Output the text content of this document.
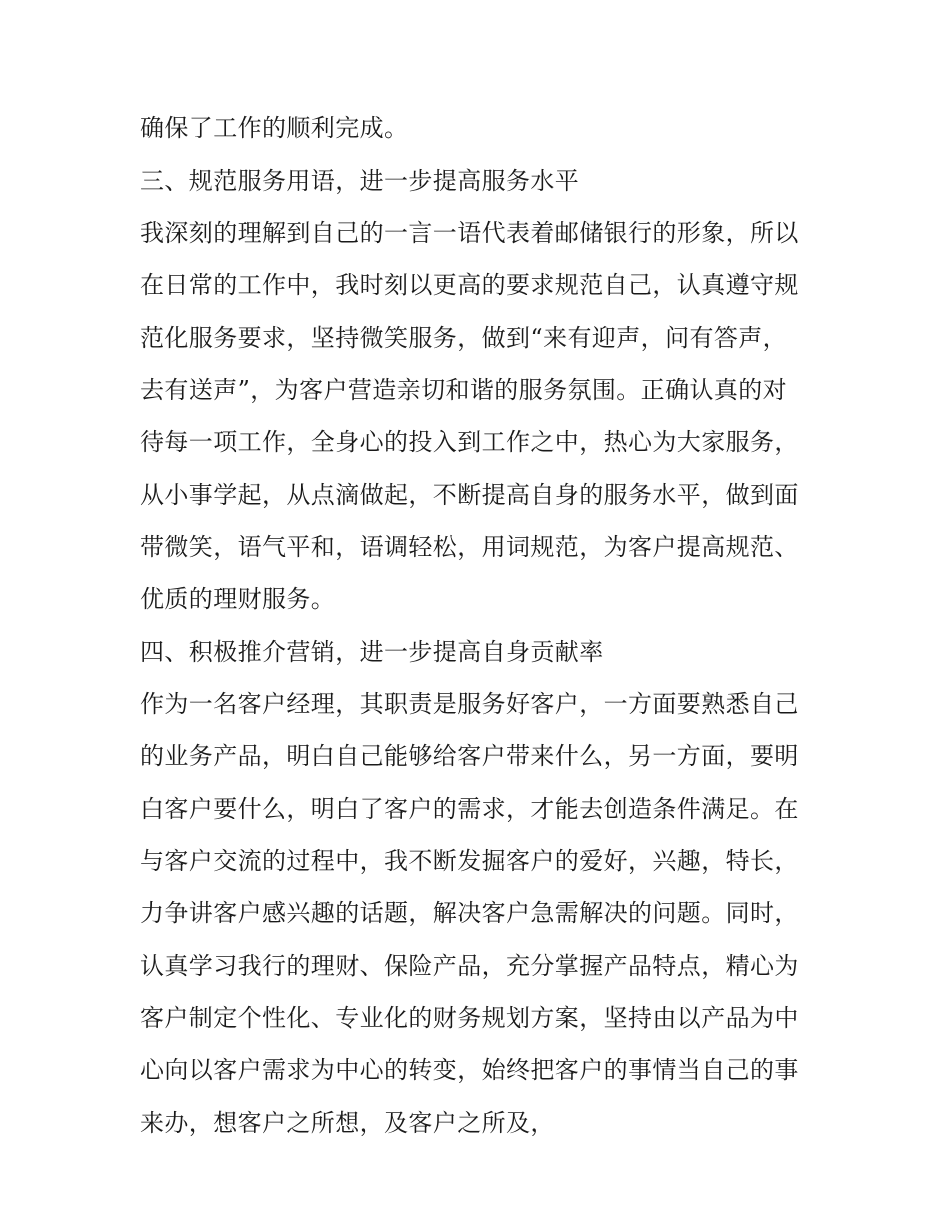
确保了工作的顺利完成。
三、规范服务用语，进一步提高服务水平
我深刻的理解到自己的一言一语代表着邮储银行的形象，所以
在日常的工作中，我时刻以更高的要求规范自己，认真遵守规
范化服务要求，坚持微笑服务，做到“来有迎声，问有答声，
去有送声”，为客户营造亲切和谐的服务氛围。正确认真的对
待每一项工作，全身心的投入到工作之中，热心为大家服务，
从小事学起，从点滴做起，不断提高自身的服务水平，做到面
带微笑，语气平和，语调轻松，用词规范，为客户提高规范、
优质的理财服务。
四、积极推介营销，进一步提高自身贡献率
作为一名客户经理，其职责是服务好客户，一方面要熟悉自己
的业务产品，明白自己能够给客户带来什么，另一方面，要明
白客户要什么，明白了客户的需求，才能去创造条件满足。在
与客户交流的过程中，我不断发掘客户的爱好，兴趣，特长，
力争讲客户感兴趣的话题，解决客户急需解决的问题。同时，
认真学习我行的理财、保险产品，充分掌握产品特点，精心为
客户制定个性化、专业化的财务规划方案，坚持由以产品为中
心向以客户需求为中心的转变，始终把客户的事情当自己的事
来办，想客户之所想，及客户之所及，
